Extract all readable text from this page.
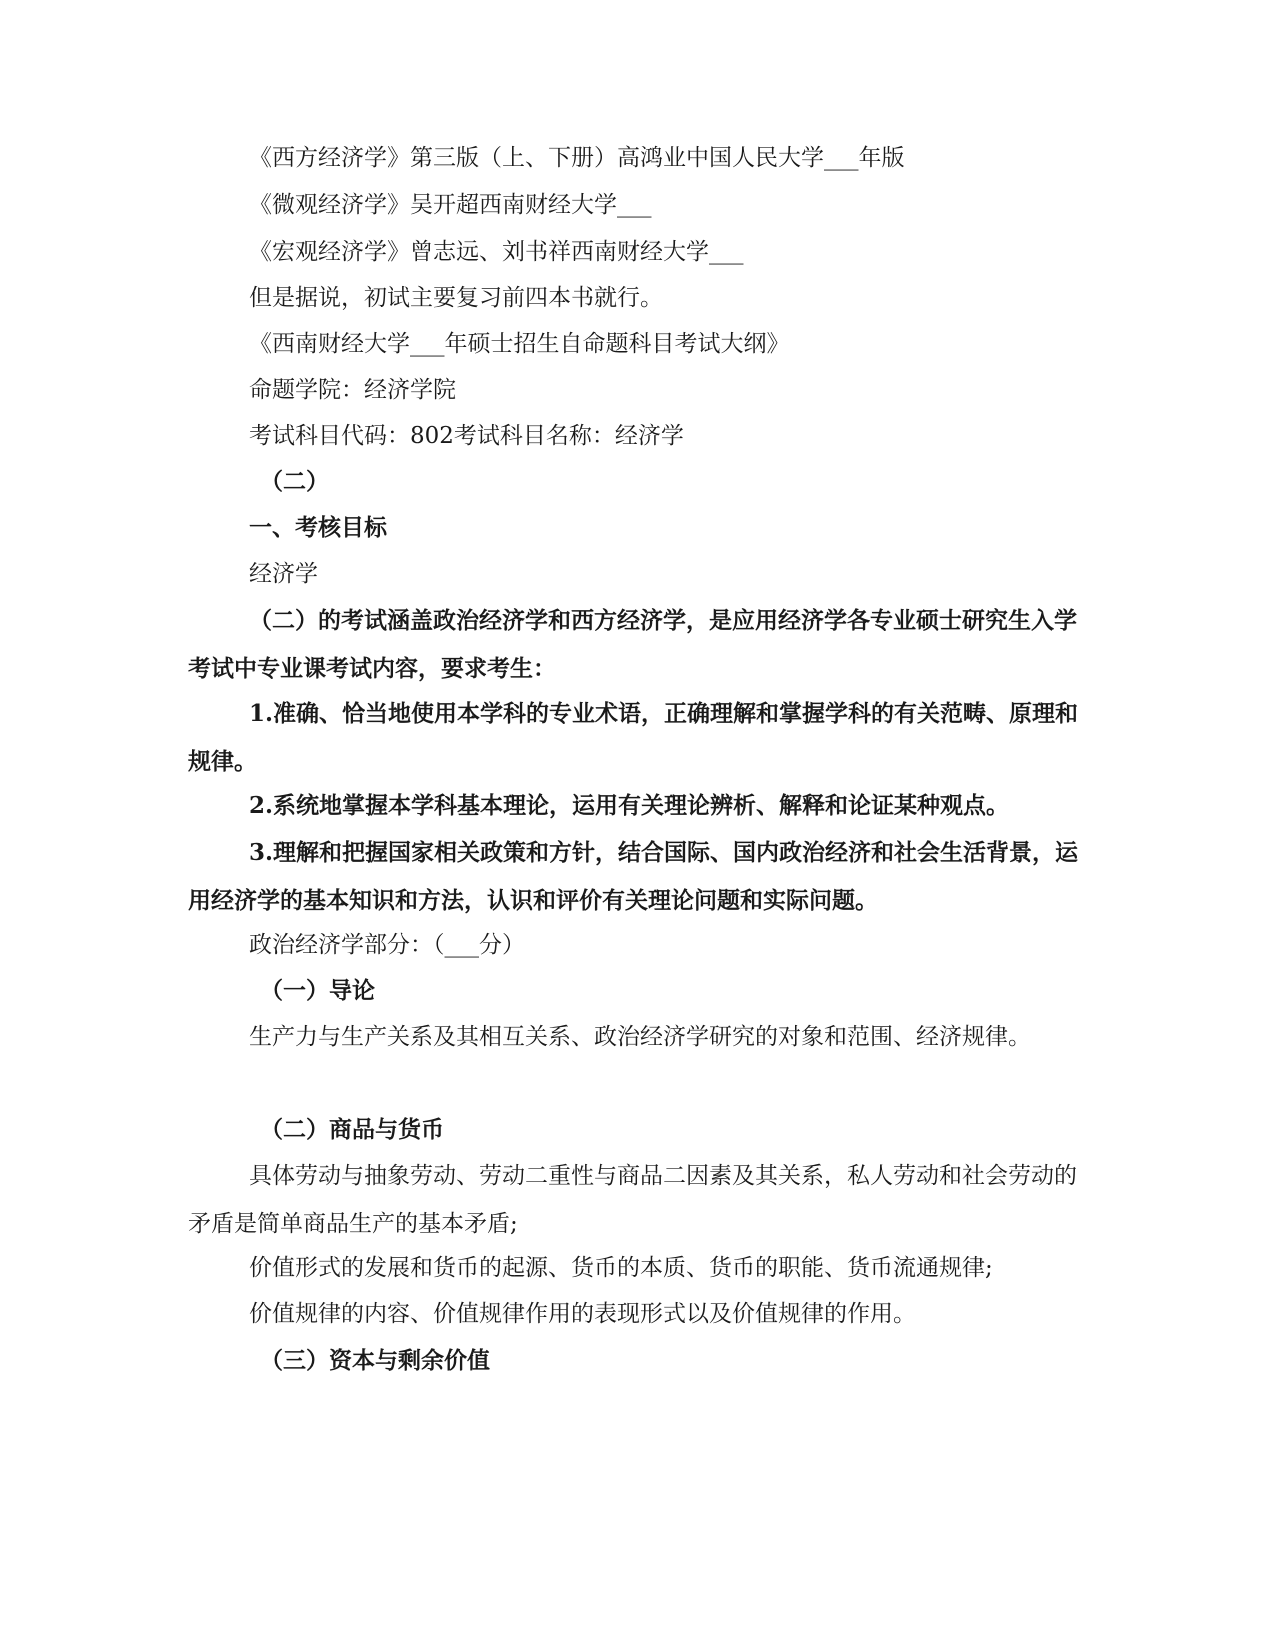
《西方经济学》第三版（上、下册）高鸿业中国人民大学___年版

《微观经济学》吴开超西南财经大学___

《宏观经济学》曾志远、刘书祥西南财经大学___

但是据说，初试主要复习前四本书就行。

《西南财经大学___年硕士招生自命题科目考试大纲》

命题学院：经济学院

考试科目代码：802考试科目名称：经济学

（二）

一、考核目标

经济学

（二）的考试涵盖政治经济学和西方经济学，是应用经济学各专业硕士研究生入学考试中专业课考试内容，要求考生：

1.准确、恰当地使用本学科的专业术语，正确理解和掌握学科的有关范畴、原理和规律。

2.系统地掌握本学科基本理论，运用有关理论辨析、解释和论证某种观点。

3.理解和把握国家相关政策和方针，结合国际、国内政治经济和社会生活背景，运用经济学的基本知识和方法，认识和评价有关理论问题和实际问题。

政治经济学部分：（___分）

（一）导论

生产力与生产关系及其相互关系、政治经济学研究的对象和范围、经济规律。

（二）商品与货币

具体劳动与抽象劳动、劳动二重性与商品二因素及其关系，私人劳动和社会劳动的矛盾是简单商品生产的基本矛盾;

价值形式的发展和货币的起源、货币的本质、货币的职能、货币流通规律;

价值规律的内容、价值规律作用的表现形式以及价值规律的作用。

（三）资本与剩余价值
